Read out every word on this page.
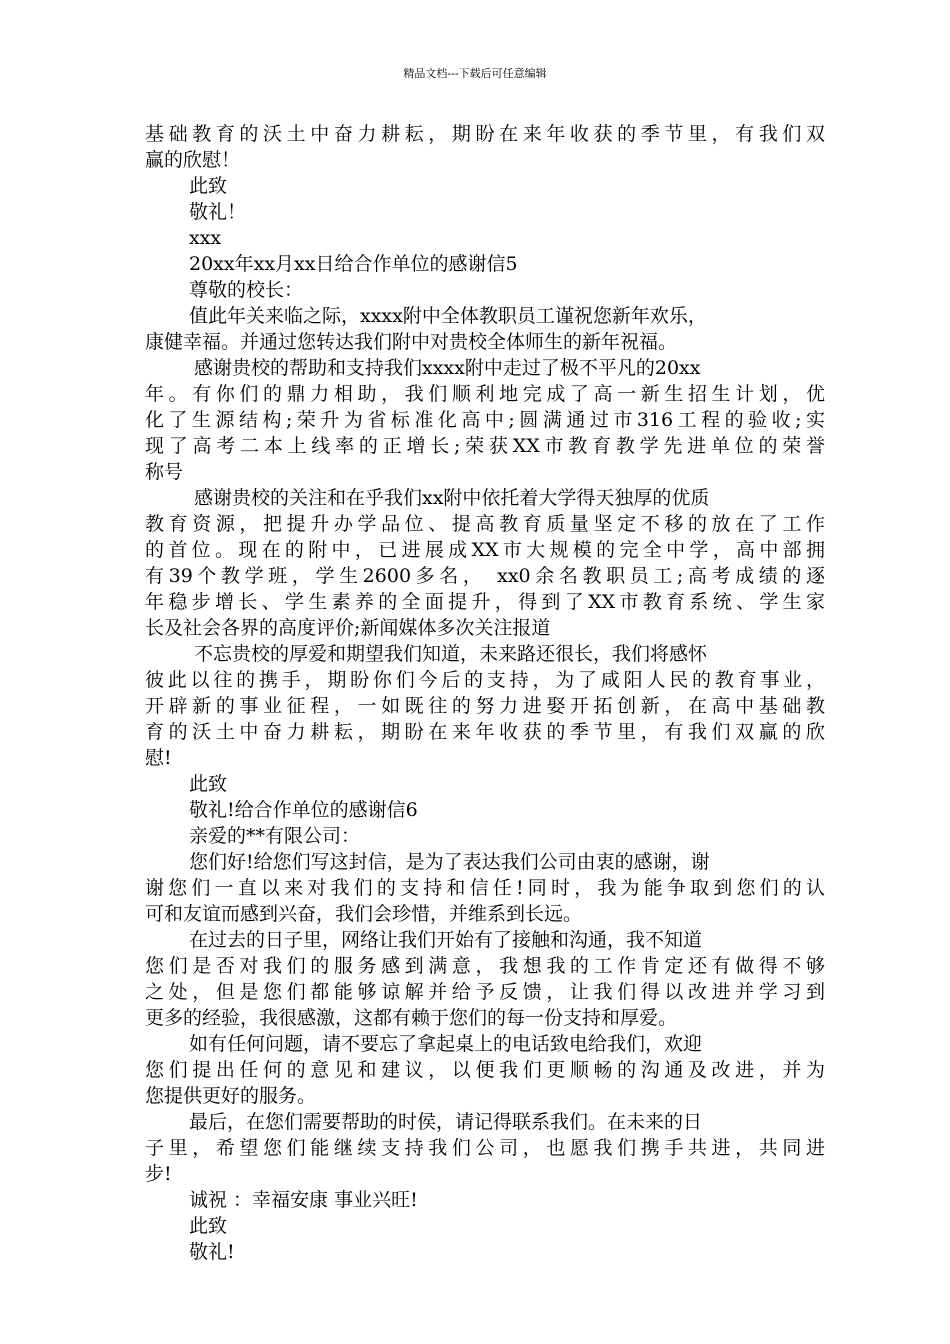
精品文档---下载后可任意编辑
基础教育的沃土中奋力耕耘，期盼在来年收获的季节里，有我们双
赢的欣慰！
此致
敬礼！
xxx
20xx年xx月xx日给合作单位的感谢信5
尊敬的校长：
值此年关来临之际，xxxx附中全体教职员工谨祝您新年欢乐，
康健幸福。并通过您转达我们附中对贵校全体师生的新年祝福。
感谢贵校的帮助和支持我们xxxx附中走过了极不平凡的20xx
年。有你们的鼎力相助，我们顺利地完成了高一新生招生计划，优
化了生源结构;荣升为省标准化高中;圆满通过市316工程的验收;实
现了高考二本上线率的正增长;荣获XX市教育教学先进单位的荣誉
称号
感谢贵校的关注和在乎我们xx附中依托着大学得天独厚的优质
教育资源，把提升办学品位、提高教育质量坚定不移的放在了工作
的首位。现在的附中，已进展成XX市大规模的完全中学，高中部拥
有39个教学班，学生2600多名， xx0余名教职员工;高考成绩的逐
年稳步增长、学生素养的全面提升，得到了XX市教育系统、学生家
长及社会各界的高度评价;新闻媒体多次关注报道
不忘贵校的厚爱和期望我们知道，未来路还很长，我们将感怀
彼此以往的携手，期盼你们今后的支持，为了咸阳人民的教育事业，
开辟新的事业征程，一如既往的努力进娶开拓创新，在高中基础教
育的沃土中奋力耕耘，期盼在来年收获的季节里，有我们双赢的欣
慰!
此致
敬礼!给合作单位的感谢信6
亲爱的**有限公司：
您们好!给您们写这封信，是为了表达我们公司由衷的感谢，谢
谢您们一直以来对我们的支持和信任!同时，我为能争取到您们的认
可和友谊而感到兴奋，我们会珍惜，并维系到长远。
在过去的日子里，网络让我们开始有了接触和沟通，我不知道
您们是否对我们的服务感到满意，我想我的工作肯定还有做得不够
之处，但是您们都能够谅解并给予反馈，让我们得以改进并学习到
更多的经验，我很感激，这都有赖于您们的每一份支持和厚爱。
如有任何问题，请不要忘了拿起桌上的电话致电给我们，欢迎
您们提出任何的意见和建议，以便我们更顺畅的沟通及改进，并为
您提供更好的服务。
最后，在您们需要帮助的时侯，请记得联系我们。在未来的日
子里，希望您们能继续支持我们公司，也愿我们携手共进，共同进
步!
诚祝 ：幸福安康 事业兴旺!
此致
敬礼!
